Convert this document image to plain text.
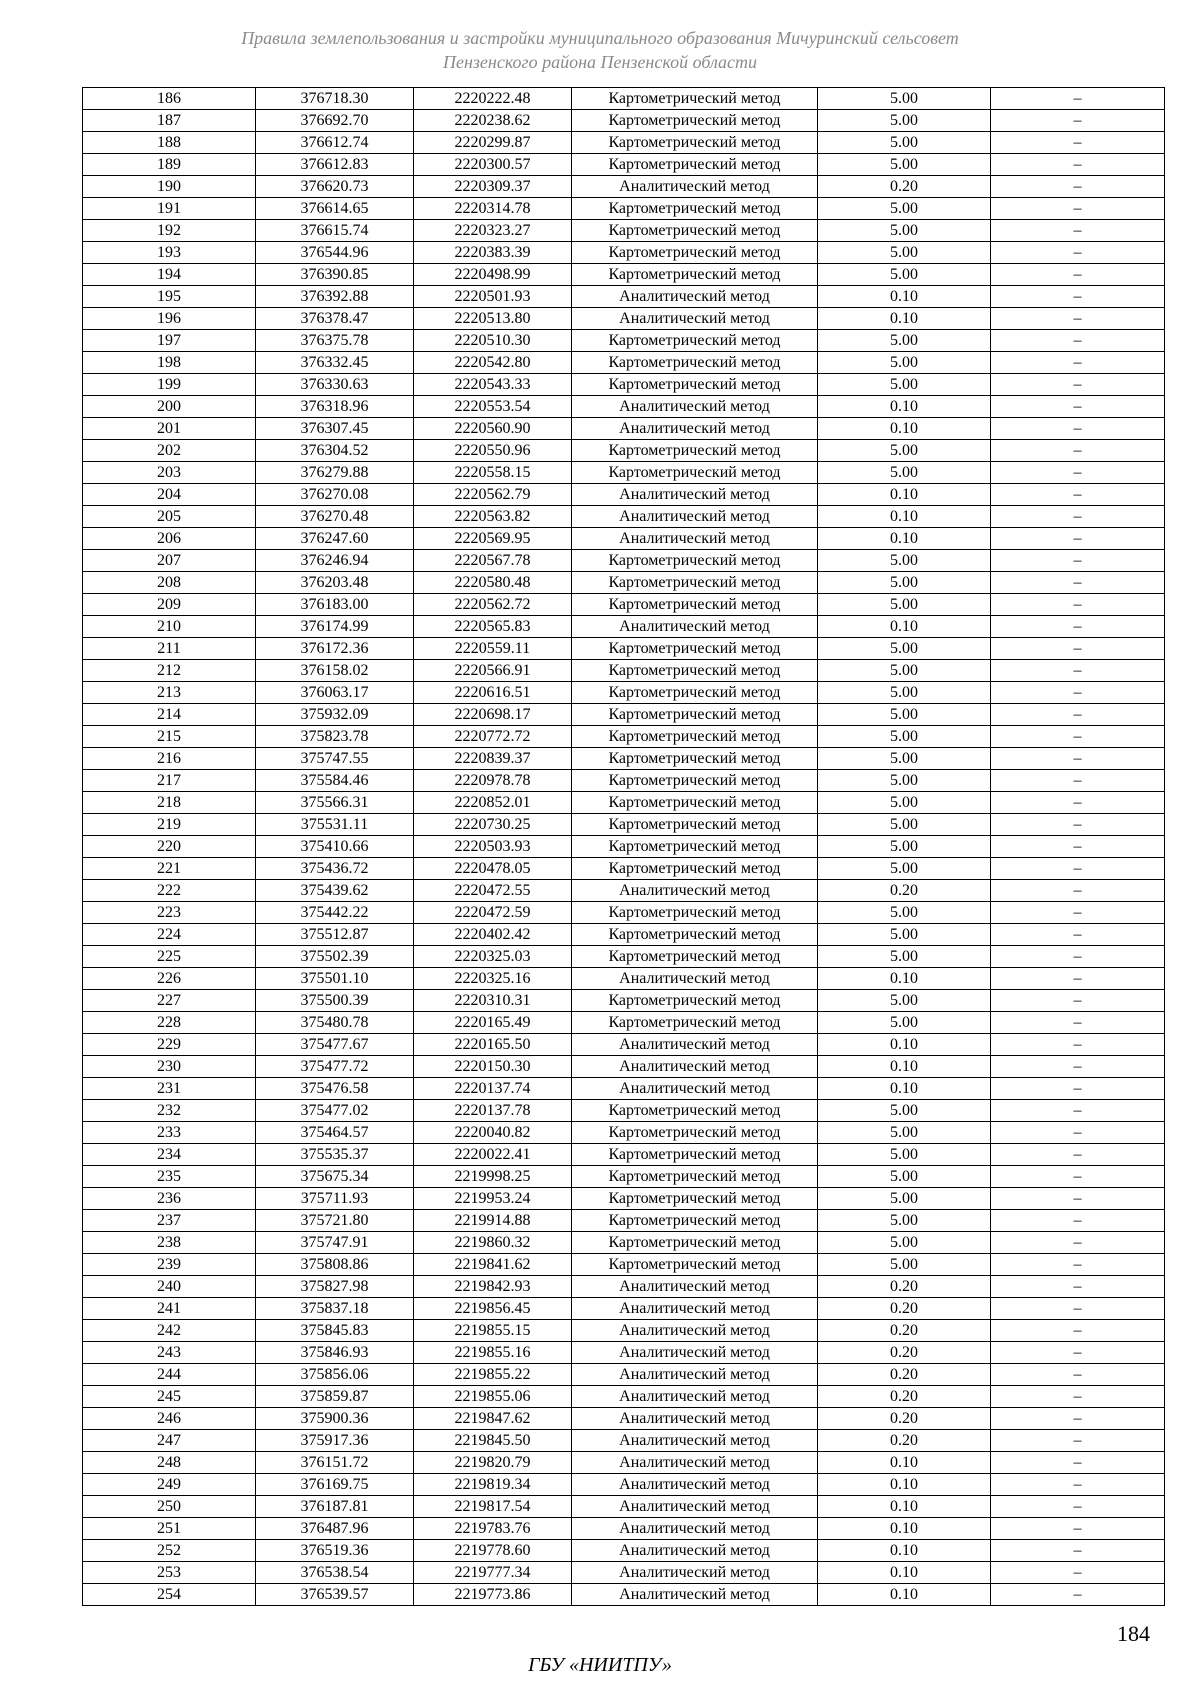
Правила землепользования и застройки муниципального образования Мичуринский сельсовет
Пензенского района Пензенской области
186	376718.30	2220222.48	Картометрический метод	5.00	–
187	376692.70	2220238.62	Картометрический метод	5.00	–
188	376612.74	2220299.87	Картометрический метод	5.00	–
189	376612.83	2220300.57	Картометрический метод	5.00	–
190	376620.73	2220309.37	Аналитический метод	0.20	–
191	376614.65	2220314.78	Картометрический метод	5.00	–
192	376615.74	2220323.27	Картометрический метод	5.00	–
193	376544.96	2220383.39	Картометрический метод	5.00	–
194	376390.85	2220498.99	Картометрический метод	5.00	–
195	376392.88	2220501.93	Аналитический метод	0.10	–
196	376378.47	2220513.80	Аналитический метод	0.10	–
197	376375.78	2220510.30	Картометрический метод	5.00	–
198	376332.45	2220542.80	Картометрический метод	5.00	–
199	376330.63	2220543.33	Картометрический метод	5.00	–
200	376318.96	2220553.54	Аналитический метод	0.10	–
201	376307.45	2220560.90	Аналитический метод	0.10	–
202	376304.52	2220550.96	Картометрический метод	5.00	–
203	376279.88	2220558.15	Картометрический метод	5.00	–
204	376270.08	2220562.79	Аналитический метод	0.10	–
205	376270.48	2220563.82	Аналитический метод	0.10	–
206	376247.60	2220569.95	Аналитический метод	0.10	–
207	376246.94	2220567.78	Картометрический метод	5.00	–
208	376203.48	2220580.48	Картометрический метод	5.00	–
209	376183.00	2220562.72	Картометрический метод	5.00	–
210	376174.99	2220565.83	Аналитический метод	0.10	–
211	376172.36	2220559.11	Картометрический метод	5.00	–
212	376158.02	2220566.91	Картометрический метод	5.00	–
213	376063.17	2220616.51	Картометрический метод	5.00	–
214	375932.09	2220698.17	Картометрический метод	5.00	–
215	375823.78	2220772.72	Картометрический метод	5.00	–
216	375747.55	2220839.37	Картометрический метод	5.00	–
217	375584.46	2220978.78	Картометрический метод	5.00	–
218	375566.31	2220852.01	Картометрический метод	5.00	–
219	375531.11	2220730.25	Картометрический метод	5.00	–
220	375410.66	2220503.93	Картометрический метод	5.00	–
221	375436.72	2220478.05	Картометрический метод	5.00	–
222	375439.62	2220472.55	Аналитический метод	0.20	–
223	375442.22	2220472.59	Картометрический метод	5.00	–
224	375512.87	2220402.42	Картометрический метод	5.00	–
225	375502.39	2220325.03	Картометрический метод	5.00	–
226	375501.10	2220325.16	Аналитический метод	0.10	–
227	375500.39	2220310.31	Картометрический метод	5.00	–
228	375480.78	2220165.49	Картометрический метод	5.00	–
229	375477.67	2220165.50	Аналитический метод	0.10	–
230	375477.72	2220150.30	Аналитический метод	0.10	–
231	375476.58	2220137.74	Аналитический метод	0.10	–
232	375477.02	2220137.78	Картометрический метод	5.00	–
233	375464.57	2220040.82	Картометрический метод	5.00	–
234	375535.37	2220022.41	Картометрический метод	5.00	–
235	375675.34	2219998.25	Картометрический метод	5.00	–
236	375711.93	2219953.24	Картометрический метод	5.00	–
237	375721.80	2219914.88	Картометрический метод	5.00	–
238	375747.91	2219860.32	Картометрический метод	5.00	–
239	375808.86	2219841.62	Картометрический метод	5.00	–
240	375827.98	2219842.93	Аналитический метод	0.20	–
241	375837.18	2219856.45	Аналитический метод	0.20	–
242	375845.83	2219855.15	Аналитический метод	0.20	–
243	375846.93	2219855.16	Аналитический метод	0.20	–
244	375856.06	2219855.22	Аналитический метод	0.20	–
245	375859.87	2219855.06	Аналитический метод	0.20	–
246	375900.36	2219847.62	Аналитический метод	0.20	–
247	375917.36	2219845.50	Аналитический метод	0.20	–
248	376151.72	2219820.79	Аналитический метод	0.10	–
249	376169.75	2219819.34	Аналитический метод	0.10	–
250	376187.81	2219817.54	Аналитический метод	0.10	–
251	376487.96	2219783.76	Аналитический метод	0.10	–
252	376519.36	2219778.60	Аналитический метод	0.10	–
253	376538.54	2219777.34	Аналитический метод	0.10	–
254	376539.57	2219773.86	Аналитический метод	0.10	–
184
ГБУ «НИИТПУ»
